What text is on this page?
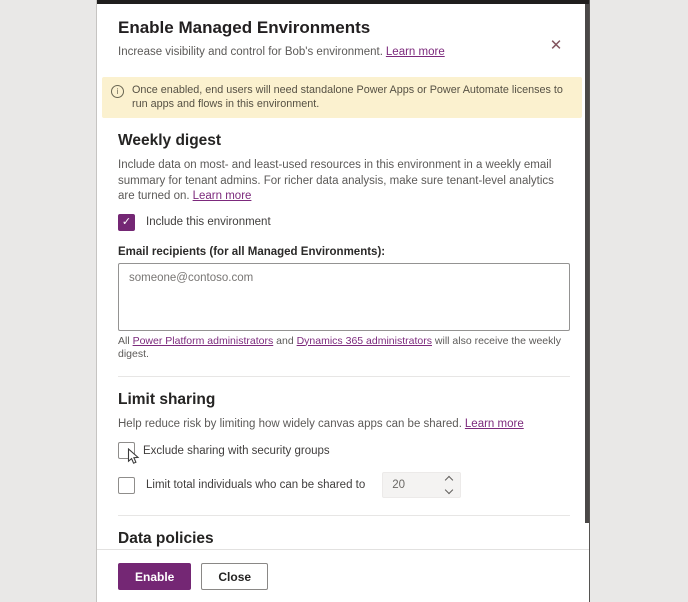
Enable Managed Environments
✕
Increase visibility and control for Bob's environment. Learn more
i	Once enabled, end users will need standalone Power Apps or Power Automate licenses to run apps and flows in this environment.
Weekly digest
Include data on most- and least-used resources in this environment in a weekly email summary for tenant admins. For richer data analysis, make sure tenant-level analytics are turned on. Learn more
✓ Include this environment
Email recipients (for all Managed Environments):
someone@contoso.com
All Power Platform administrators and Dynamics 365 administrators will also receive the weekly digest.
Limit sharing
Help reduce risk by limiting how widely canvas apps can be shared. Learn more
Exclude sharing with security groups
Limit total individuals who can be shared to
20
Data policies
Enable	Close
